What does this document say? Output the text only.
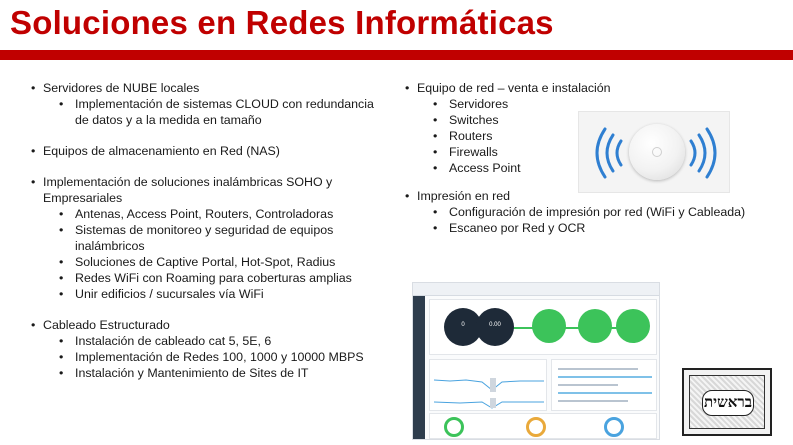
Soluciones en Redes Informáticas
• Servidores de NUBE locales
• Implementación de sistemas CLOUD con redundancia de datos y a la medida en tamaño
• Equipos de almacenamiento en Red (NAS)
• Implementación de soluciones inalámbricas SOHO y Empresariales
• Antenas, Access Point, Routers, Controladoras
• Sistemas de monitoreo y seguridad de equipos inalámbricos
• Soluciones de Captive Portal, Hot-Spot, Radius
• Redes WiFi con Roaming para coberturas amplias
• Unir edificios / sucursales vía WiFi
• Cableado Estructurado
• Instalación de cableado cat 5, 5E, 6
• Implementación de Redes 100, 1000 y 10000 MBPS
• Instalación y Mantenimiento de Sites de IT
• Equipo de red – venta e instalación
• Servidores
• Switches
• Routers
• Firewalls
• Access Point
• Impresión en red
• Configuración de impresión por red (WiFi y Cableada)
• Escaneo por Red y OCR
0	0.00
בראשית
